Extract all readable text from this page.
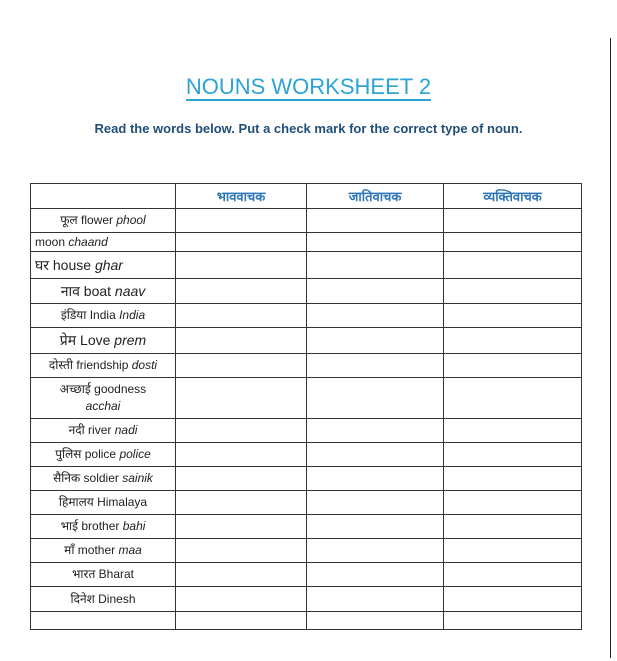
NOUNS WORKSHEET 2
Read the words below. Put a check mark for the correct type of noun.
	भाववाचक	जातिवाचक	व्यक्तिवाचक
फूल flower phool			
moon chaand			
घर house ghar			
नाव boat naav			
इंडिया India India			
प्रेम Love prem			
दोस्ती friendship dosti			
अच्छाई goodness
acchai			
नदी river nadi			
पुलिस police police			
सैनिक soldier sainik			
हिमालय Himalaya			
भाई brother bahi			
माँ mother maa			
भारत Bharat			
दिनेश Dinesh			
